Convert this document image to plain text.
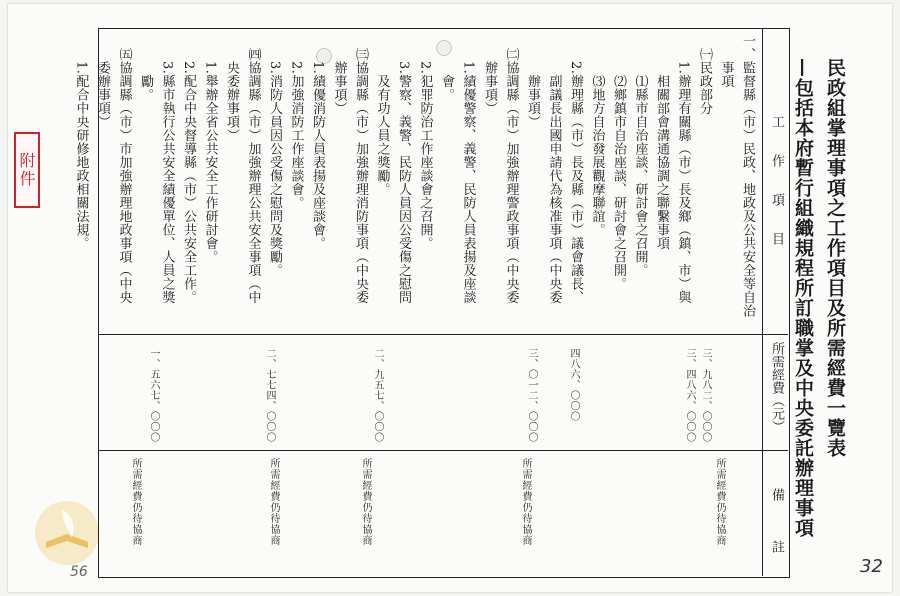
附件
56	32
民政組掌理事項之工作項目及所需經費一覽表
—包括本府暫行組織規程所訂職掌及中央委託辦理事項
工　　作　　項　　目
所需經費（元）
備　　　註
一、監督縣（市）民政、地政及公共安全等自治
　　事項
　㈠民政部分
　　1.辦理有關縣（市）長及鄉（鎮、市）與
　　　相關部會溝通協調之聯繫事項
　　　⑴縣市自治座談、研討會之召開。
　　　⑵鄉鎮市自治座談、研討會之召開。
　　　⑶地方自治發展觀摩聯誼。
　　2.辦理縣（市）長及縣（市）議會議長、
　　　副議長出國申請代為核准事項（中央委
　　　辦事項）
　㈡協調縣（市）加強辦理警政事項（中央委
　　辦事項）
　　1.績優警察、義警、民防人員表揚及座談
　　　會。
　　2.犯罪防治工作座談會之召開。
　　3.警察、義警、民防人員因公受傷之慰問
　　　及有功人員之獎勵。
　㈢協調縣（市）加強辦理消防事項（中央委
　　辦事項）
　　1.績優消防人員表揚及座談會。
　　2.加強消防工作座談會。
　　3.消防人員因公受傷之慰問及獎勵。
　㈣協調縣（市）加強辦理公共安全事項（中
　　央委辦事項）
　　1.舉辦全省公共安全工作研討會。
　　2.配合中央督導縣（市）公共安全工作。
　　3.縣市執行公共安全績優單位、人員之獎
　　　勵。
　㈤協調縣（市）市加強辦理地政事項（中央
　　委辦事項）
　　1.配合中央研修地政相關法規。
三、九八二、〇〇〇
三、四八六、〇〇〇
四八六、〇〇〇
三、〇一二、〇〇〇
二、九五七、〇〇〇
二、七七四、〇〇〇
一、五六七、〇〇〇
所需經費仍待協商
所需經費仍待協商
所需經費仍待協商
所需經費仍待協商
所需經費仍待協商
